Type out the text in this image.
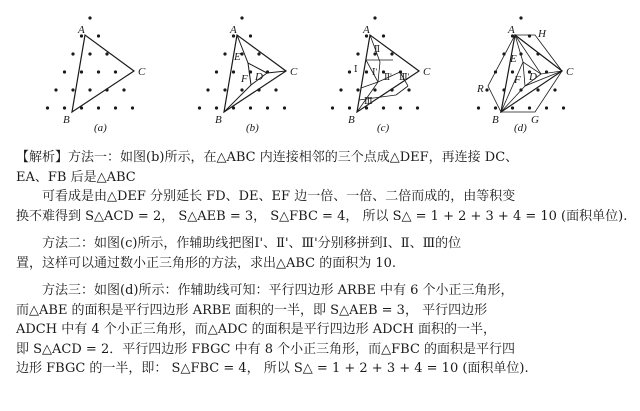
A
B
C
(a)
A
B
C
E
F D
(b)
A
B
C
Ⅱ
Ⅰ Ⅰ' Ⅱ' Ⅲ'
Ⅲ
(c)
A H
E
F D	C
R
B	G
(d)
【解析】方法一：如图(b)所示，在△ABC 内连接相邻的三个点成△DEF，再连接 DC、
EA、FB 后是△ABC
可看成是由△DEF 分别延长 FD、DE、EF 边一倍、一倍、二倍而成的，由等积变
换不难得到 S△ACD = 2， S△AEB = 3， S△FBC = 4， 所以 S△ = 1 + 2 + 3 + 4 = 10 (面积单位).
方法二：如图(c)所示，作辅助线把图Ⅰ'、Ⅱ'、Ⅲ'分别移拼到Ⅰ、Ⅱ、Ⅲ的位
置，这样可以通过数小正三角形的方法，求出△ABC 的面积为 10.
方法三：如图(d)所示：作辅助线可知：平行四边形 ARBE 中有 6 个小正三角形，
而△ABE 的面积是平行四边形 ARBE 面积的一半，即 S△AEB = 3， 平行四边形
ADCH 中有 4 个小正三角形，而△ADC 的面积是平行四边形 ADCH 面积的一半，
即 S△ACD = 2．平行四边形 FBGC 中有 8 个小正三角形，而△FBC 的面积是平行四
边形 FBGC 的一半，即： S△FBC = 4， 所以 S△ = 1 + 2 + 3 + 4 = 10 (面积单位).
